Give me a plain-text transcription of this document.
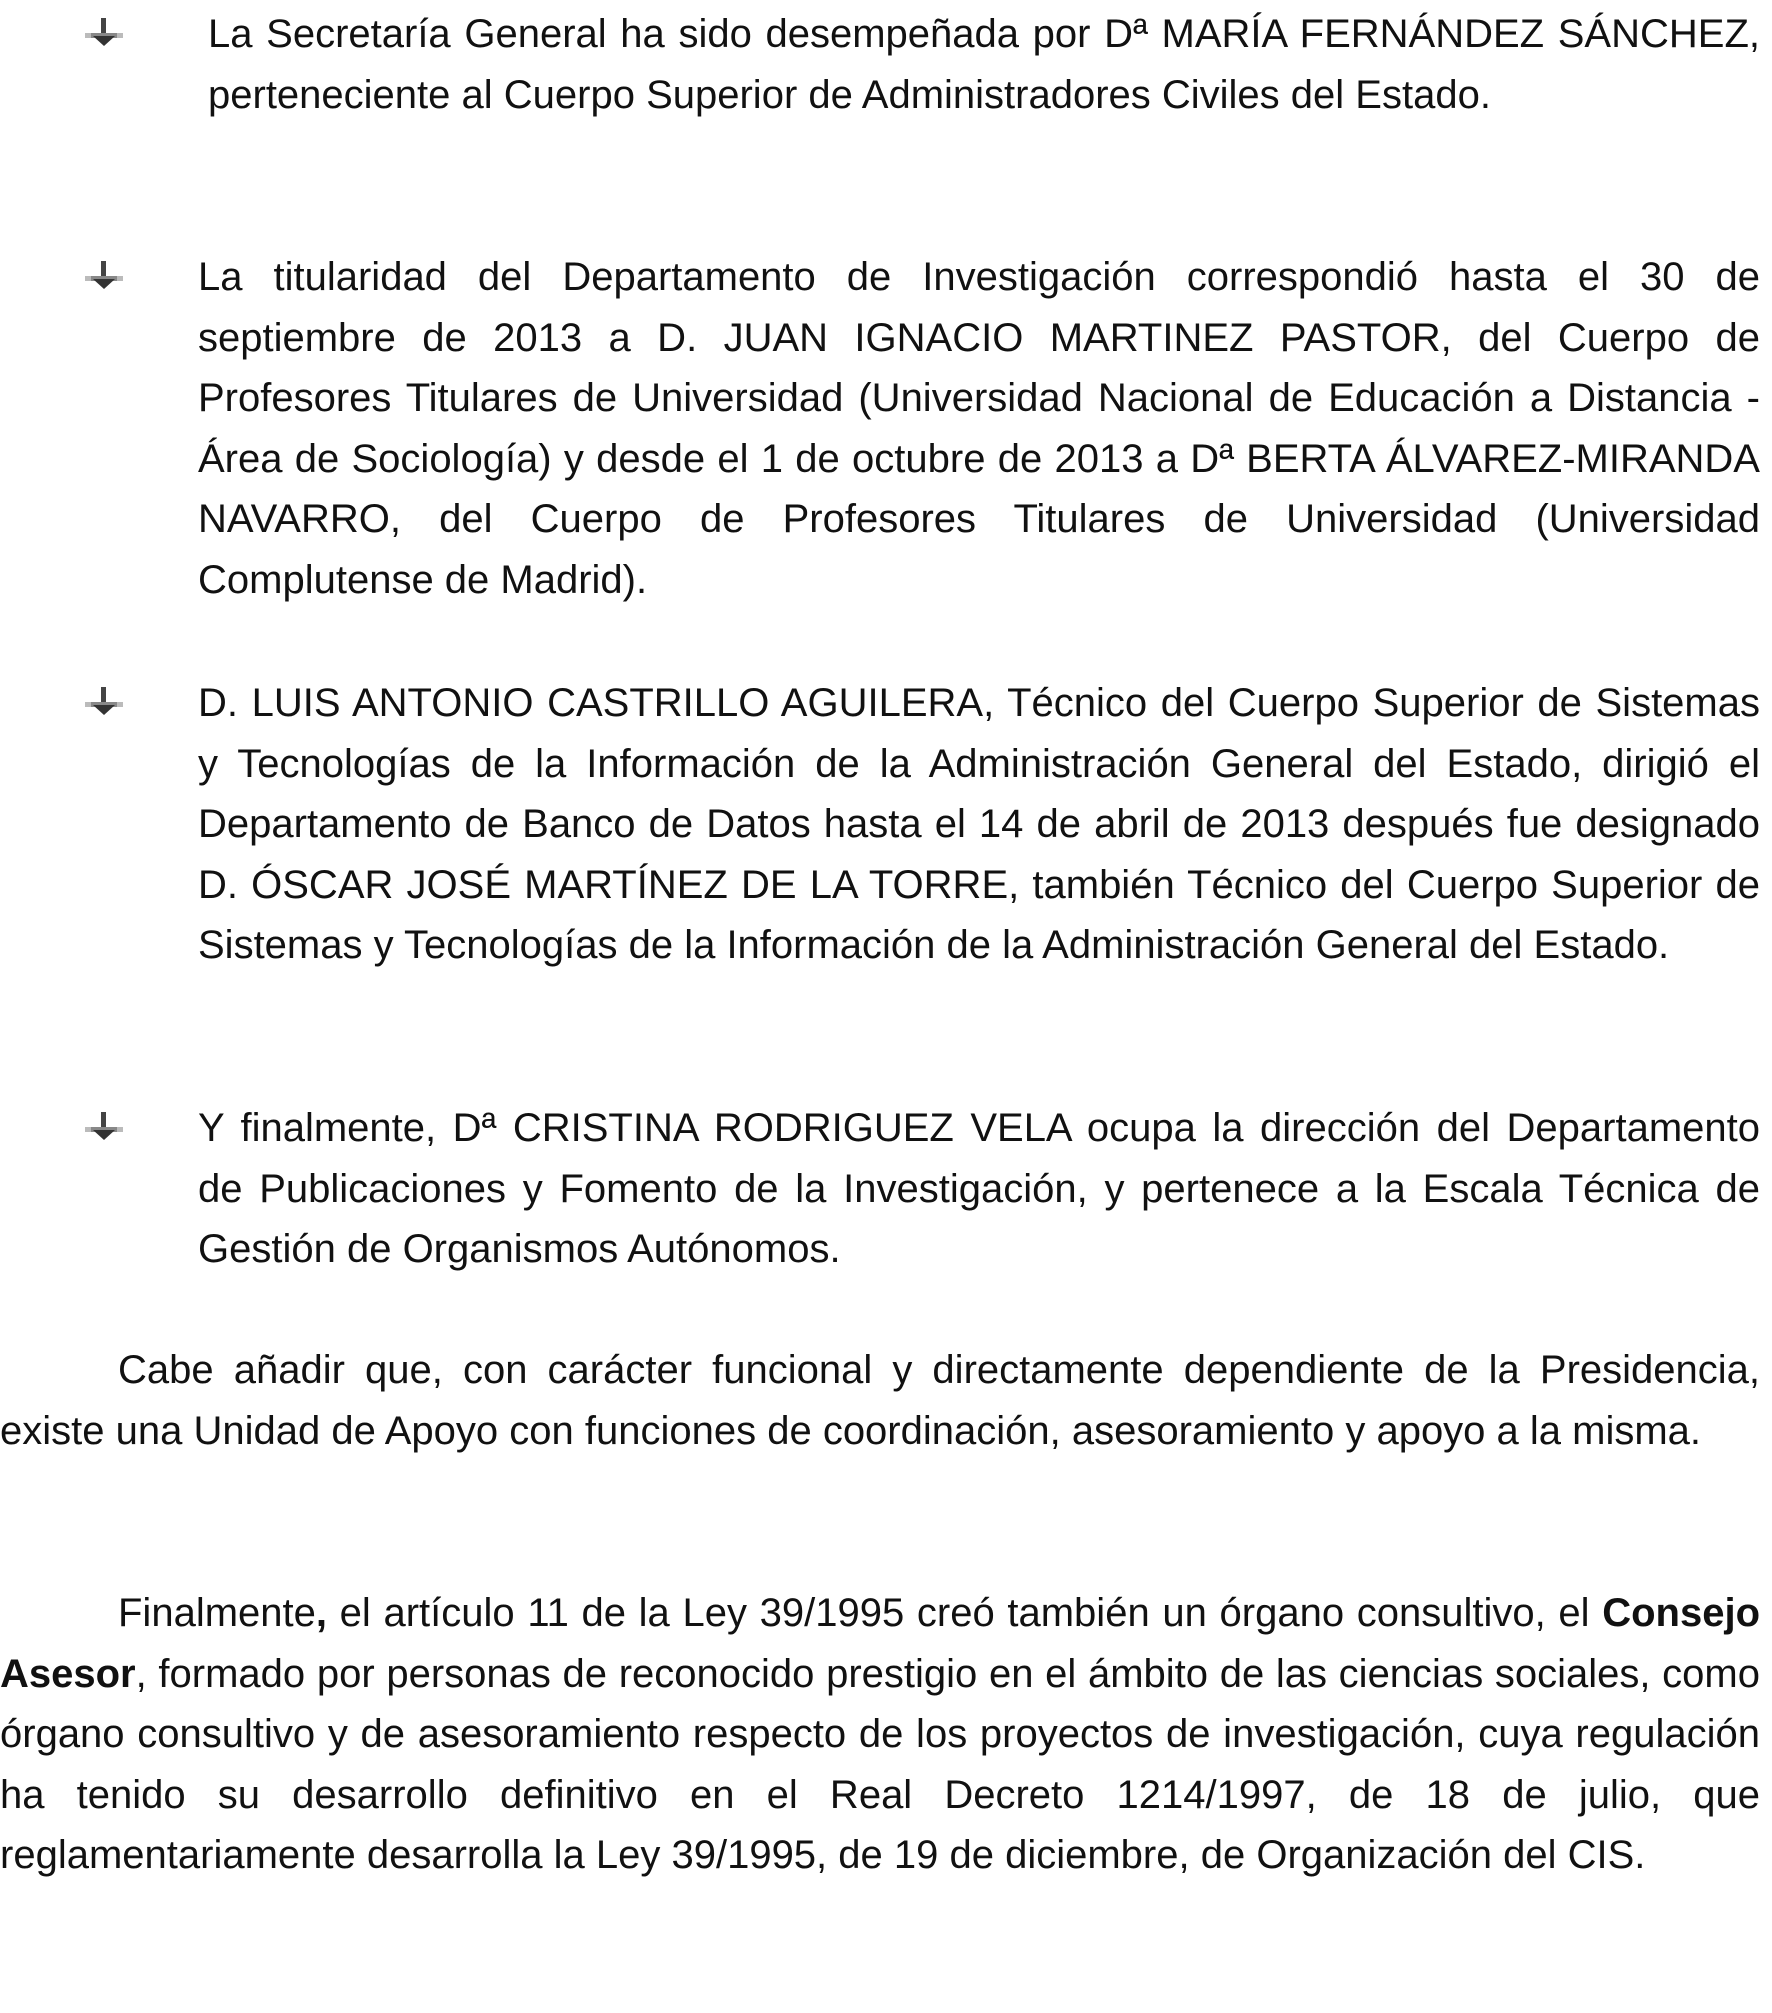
La Secretaría General ha sido desempeñada por Dª MARÍA FERNÁNDEZ SÁNCHEZ, perteneciente al Cuerpo Superior de Administradores Civiles del Estado.

La titularidad del Departamento de Investigación correspondió hasta el 30 de septiembre de 2013 a D. JUAN IGNACIO MARTINEZ PASTOR, del Cuerpo de Profesores Titulares de Universidad (Universidad Nacional de Educación a Distancia - Área de Sociología) y desde el 1 de octubre de 2013 a Dª BERTA ÁLVAREZ-MIRANDA NAVARRO, del Cuerpo de Profesores Titulares de Universidad (Universidad Complutense de Madrid).

D. LUIS ANTONIO CASTRILLO AGUILERA, Técnico del Cuerpo Superior de Sistemas y Tecnologías de la Información de la Administración General del Estado, dirigió el Departamento de Banco de Datos hasta el 14 de abril de 2013 después fue designado D. ÓSCAR JOSÉ MARTÍNEZ DE LA TORRE, también Técnico del Cuerpo Superior de Sistemas y Tecnologías de la Información de la Administración General del Estado.

Y finalmente, Dª CRISTINA RODRIGUEZ VELA ocupa la dirección del Departamento de Publicaciones y Fomento de la Investigación, y pertenece a la Escala Técnica de Gestión de Organismos Autónomos.

Cabe añadir que, con carácter funcional y directamente dependiente de la Presidencia, existe una Unidad de Apoyo con funciones de coordinación, asesoramiento y apoyo a la misma.

Finalmente, el artículo 11 de la Ley 39/1995 creó también un órgano consultivo, el Consejo Asesor, formado por personas de reconocido prestigio en el ámbito de las ciencias sociales, como órgano consultivo y de asesoramiento respecto de los proyectos de investigación, cuya regulación ha tenido su desarrollo definitivo en el Real Decreto 1214/1997, de 18 de julio, que reglamentariamente desarrolla la Ley 39/1995, de 19 de diciembre, de Organización del CIS.
